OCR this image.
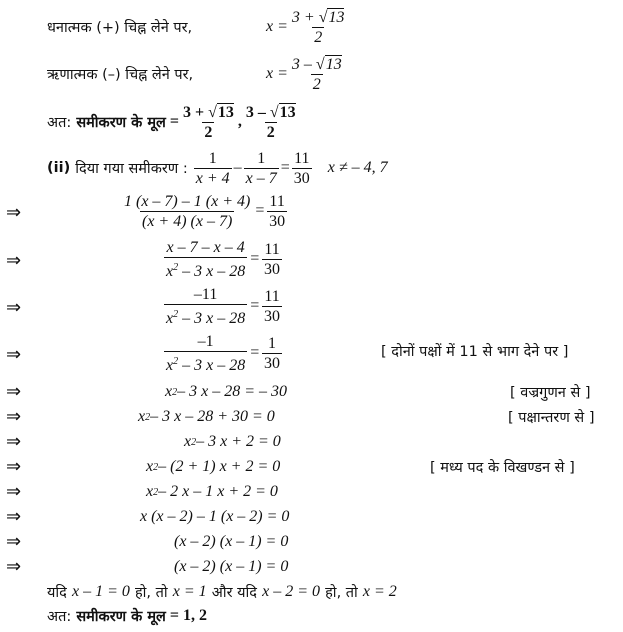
धनात्मक (+) चिह्न लेने पर,	$x = \frac{3 + √13}{2}$
ऋणात्मक (–) चिह्न लेने पर,	$x = \frac{3 - √13}{2}$
अत:
समीकरण के मूल = $\frac{3 + √13}{2}$ , $\frac{3 - √13}{2}$
(ii)
दिया गया समीकरण : $\frac{1}{x + 4} - \frac{1}{x - 7} = \frac{11}{30}$ x ≠ – 4, 7
⇒	$\frac{1 (x - 7) - 1 (x + 4)}{(x + 4) (x - 7)} = \frac{11}{30}$
⇒	$\frac{x - 7 - x - 4}{x^2 - 3 x - 28} = \frac{11}{30}$
⇒	$\frac{-11}{x^2 - 3 x - 28} = \frac{11}{30}$
⇒	$\frac{-1}{x^2 - 3 x - 28} = \frac{1}{30}$	[ दोनों पक्षों में 11 से भाग देने पर ]
⇒	x 2 – 3 x – 28 = – 30	[ वज्रगुणन से ]
⇒	x 2 – 3 x – 28 + 30 = 0	[ पक्षान्तरण से ]
⇒	x 2 – 3 x + 2 = 0
⇒	x 2 – (2 + 1) x + 2 = 0	[ मध्य पद के विखण्डन से ]
⇒	x 2 – 2 x – 1 x + 2 = 0
⇒	x (x – 2) – 1 (x – 2) = 0
⇒	(x – 2) (x – 1) = 0
⇒	(x – 2) (x – 1) = 0
यदि
x – 1 = 0
हो, तो
x = 1
और यदि
x – 2 = 0
हो, तो
x = 2
अत:
समीकरण के मूल = 1, 2
